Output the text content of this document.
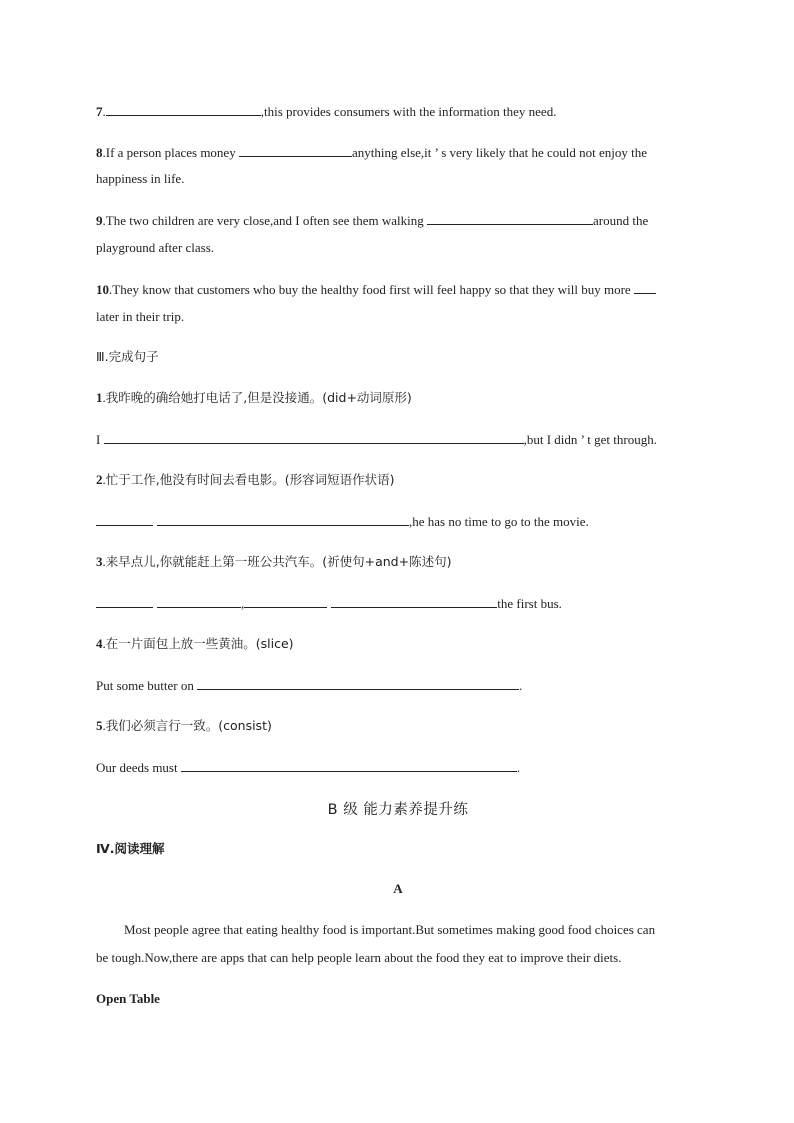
7.	,this provides consumers with the information they need.
8.If a person places money	anything else,it ’ s very likely that he could not enjoy the
happiness in life.
9.The two children are very close,and I often see them walking	around the
playground after class.
10.They know that customers who buy the healthy food first will feel happy so that they will buy more
later in their trip.
Ⅲ.完成句子
1.我昨晚的确给她打电话了,但是没接通。(did+动词原形)
I	,but I didn ’ t get through.
2.忙于工作,他没有时间去看电影。(形容词短语作状语)
,he has no time to go to the movie.
3.来早点儿,你就能赶上第一班公共汽车。(祈使句+and+陈述句)
,	the first bus.
4.在一片面包上放一些黄油。(slice)
Put some butter on	.
5.我们必须言行一致。(consist)
Our deeds must	.
B 级 能力素养提升练
Ⅳ.阅读理解
A
Most people agree that eating healthy food is important.But sometimes making good food choices can
be tough.Now,there are apps that can help people learn about the food they eat to improve their diets.
Open Table
